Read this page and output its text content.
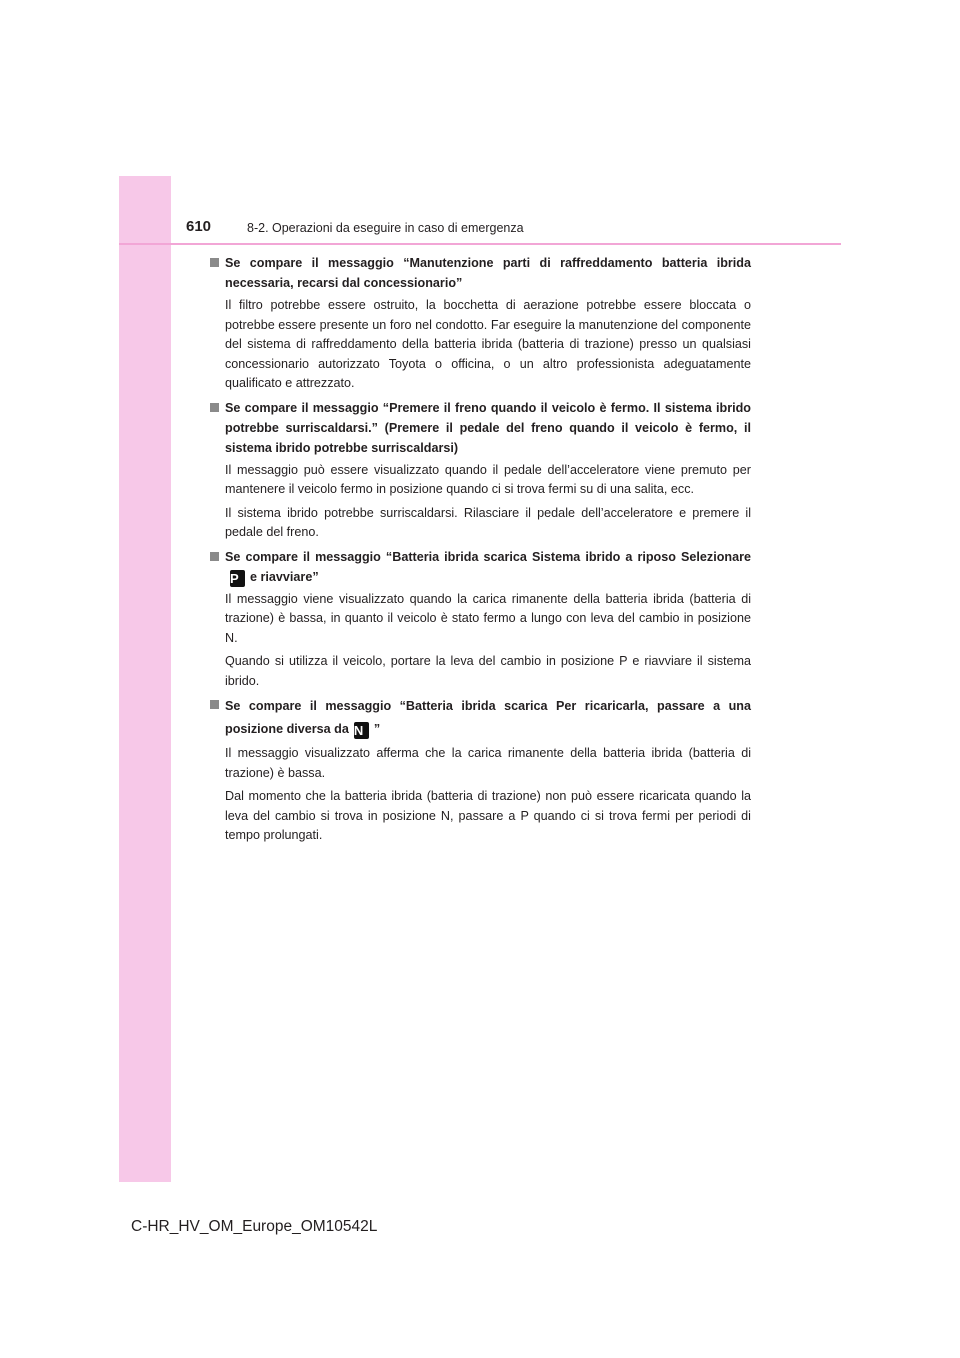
610	8-2. Operazioni da eseguire in caso di emergenza
Se compare il messaggio “Manutenzione parti di raffreddamento batteria ibrida necessaria, recarsi dal concessionario”
Il filtro potrebbe essere ostruito, la bocchetta di aerazione potrebbe essere bloccata o potrebbe essere presente un foro nel condotto. Far eseguire la manutenzione del componente del sistema di raffreddamento della batteria ibrida (batteria di trazione) presso un qualsiasi concessionario autorizzato Toyota o officina, o un altro professionista adeguatamente qualificato e attrezzato.
Se compare il messaggio “Premere il freno quando il veicolo è fermo. Il sistema ibrido potrebbe surriscaldarsi.” (Premere il pedale del freno quando il veicolo è fermo, il sistema ibrido potrebbe surriscaldarsi)
Il messaggio può essere visualizzato quando il pedale dell’acceleratore viene premuto per mantenere il veicolo fermo in posizione quando ci si trova fermi su di una salita, ecc.
Il sistema ibrido potrebbe surriscaldarsi. Rilasciare il pedale dell’acceleratore e premere il pedale del freno.
Se compare il messaggio “Batteria ibrida scarica Sistema ibrido a riposo SelezionareP e riavviare”
Il messaggio viene visualizzato quando la carica rimanente della batteria ibrida (batteria di trazione) è bassa, in quanto il veicolo è stato fermo a lungo con leva del cambio in posizione N.
Quando si utilizza il veicolo, portare la leva del cambio in posizione P e riavviare il sistema ibrido.
Se compare il messaggio “Batteria ibrida scarica Per ricaricarla, passare a una posizione diversa da N ”
Il messaggio visualizzato afferma che la carica rimanente della batteria ibrida (batteria di trazione) è bassa.
Dal momento che la batteria ibrida (batteria di trazione) non può essere ricaricata quando la leva del cambio si trova in posizione N, passare a P quando ci si trova fermi per periodi di tempo prolungati.
C-HR_HV_OM_Europe_OM10542L
